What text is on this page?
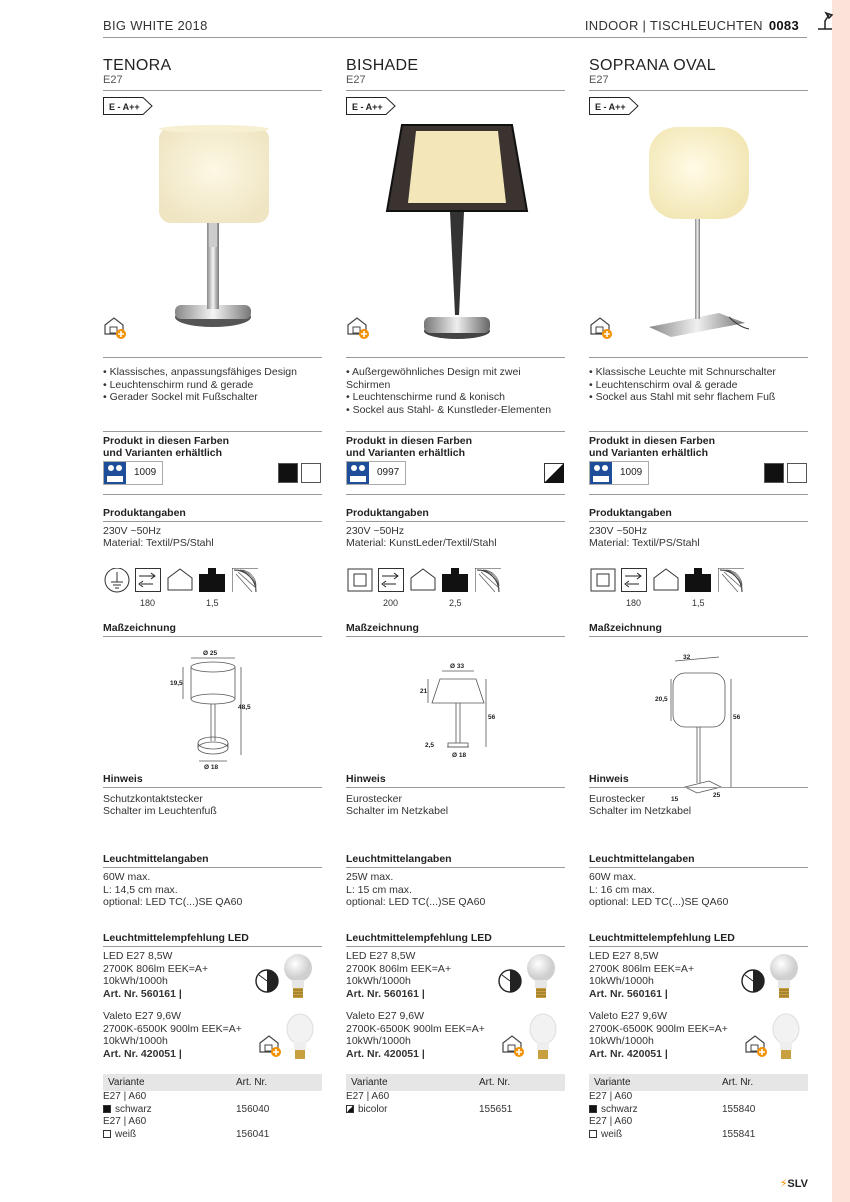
BIG WHITE 2018	INDOOR | TISCHLEUCHTEN 0083
TENORA
E27
E - A++
• Klassisches, anpassungsfähiges Design
• Leuchtenschirm rund & gerade
• Gerader Sockel mit Fußschalter
Produkt in diesen Farben
und Varianten erhältlich
1009
Produktangaben
230V ~50Hz
Material: Textil/PS/Stahl
180	1,5
Maßzeichnung
Ø 25
19,5
48,5
Ø 18
Hinweis
Schutzkontaktstecker
Schalter im Leuchtenfuß
Leuchtmittelangaben
60W max.
L: 14,5 cm max.
optional: LED TC(...)SE QA60
Leuchtmittelempfehlung LED
LED E27 8,5W
2700K 806lm EEK=A+
10kWh/1000h
Art. Nr. 560161 |
Valeto E27 9,6W
2700K-6500K 900lm EEK=A+
10kWh/1000h
Art. Nr. 420051 |
Variante	Art. Nr.
E27 | A60
schwarz	156040
E27 | A60
weiß	156041
BISHADE
E27
E - A++
• Außergewöhnliches Design mit zwei Schirmen
• Leuchtenschirme rund & konisch
• Sockel aus Stahl- & Kunstleder-Elementen
Produkt in diesen Farben
und Varianten erhältlich
0997
Produktangaben
230V ~50Hz
Material: KunstLeder/Textil/Stahl
200	2,5
Maßzeichnung
Ø 33
21
56
2,5
Ø 18
Hinweis
Eurostecker
Schalter im Netzkabel
Leuchtmittelangaben
25W max.
L: 15 cm max.
optional: LED TC(...)SE QA60
Leuchtmittelempfehlung LED
LED E27 8,5W
2700K 806lm EEK=A+
10kWh/1000h
Art. Nr. 560161 |
Valeto E27 9,6W
2700K-6500K 900lm EEK=A+
10kWh/1000h
Art. Nr. 420051 |
Variante	Art. Nr.
E27 | A60
bicolor	155651
SOPRANA OVAL
E27
E - A++
• Klassische Leuchte mit Schnurschalter
• Leuchtenschirm oval & gerade
• Sockel aus Stahl mit sehr flachem Fuß
Produkt in diesen Farben
und Varianten erhältlich
1009
Produktangaben
230V ~50Hz
Material: Textil/PS/Stahl
180	1,5
Maßzeichnung
32
20,5
56
15
25
Hinweis
Eurostecker
Schalter im Netzkabel
Leuchtmittelangaben
60W max.
L: 16 cm max.
optional: LED TC(...)SE QA60
Leuchtmittelempfehlung LED
LED E27 8,5W
2700K 806lm EEK=A+
10kWh/1000h
Art. Nr. 560161 |
Valeto E27 9,6W
2700K-6500K 900lm EEK=A+
10kWh/1000h
Art. Nr. 420051 |
Variante	Art. Nr.
E27 | A60
schwarz	155840
E27 | A60
weiß	155841
⚡SLV
